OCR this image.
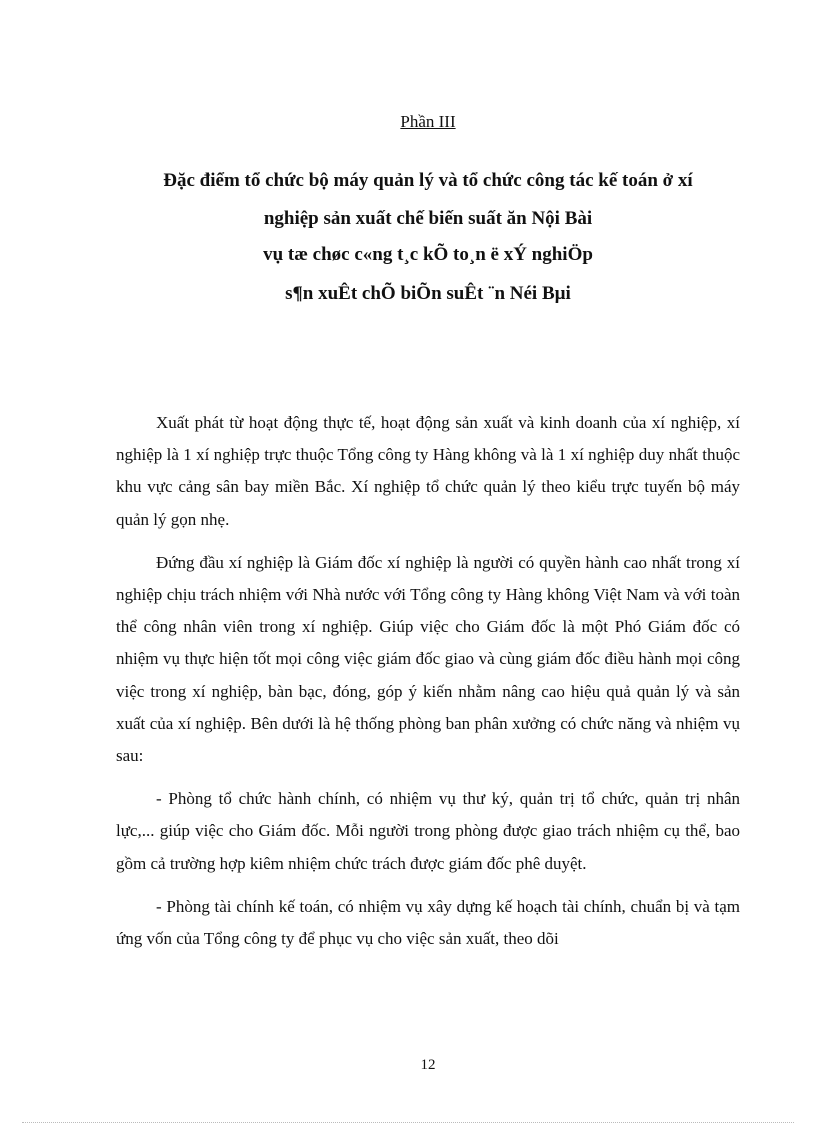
Phần III
Đặc điểm tổ chức bộ máy quản lý và tổ chức công tác kế toán ở xí
nghiệp sản xuất chế biến suất ăn Nội Bài
vụ tæ chøc c«ng t¸c kÕ to¸n ë xÝ nghiÖp
s¶n xuÊt chÕ biÕn suÊt ¨n Néi Bµi

Xuất phát từ hoạt động thực tế, hoạt động sản xuất và kinh doanh của xí nghiệp, xí nghiệp là 1 xí nghiệp trực thuộc Tổng công ty Hàng không và là 1 xí nghiệp duy nhất thuộc khu vực cảng sân bay miền Bắc. Xí nghiệp tổ chức quản lý theo kiểu trực tuyến bộ máy quản lý gọn nhẹ.

Đứng đầu xí nghiệp là Giám đốc xí nghiệp là người có quyền hành cao nhất trong xí nghiệp chịu trách nhiệm với Nhà nước với Tổng công ty Hàng không Việt Nam và với toàn thể công nhân viên trong xí nghiệp. Giúp việc cho Giám đốc là một Phó Giám đốc có nhiệm vụ thực hiện tốt mọi công việc giám đốc giao và cùng giám đốc điều hành mọi công việc trong xí nghiệp, bàn bạc, đóng, góp ý kiến nhằm nâng cao hiệu quả quản lý và sản xuất của xí nghiệp. Bên dưới là hệ thống phòng ban phân xưởng có chức năng và nhiệm vụ sau:

- Phòng tổ chức hành chính, có nhiệm vụ thư ký, quản trị tổ chức, quản trị nhân lực,... giúp việc cho Giám đốc. Mỗi người trong phòng được giao trách nhiệm cụ thể, bao gồm cả trường hợp kiêm nhiệm chức trách được giám đốc phê duyệt.

- Phòng tài chính kế toán, có nhiệm vụ xây dựng kế hoạch tài chính, chuẩn bị và tạm ứng vốn của Tổng công ty để phục vụ cho việc sản xuất, theo dõi

12
